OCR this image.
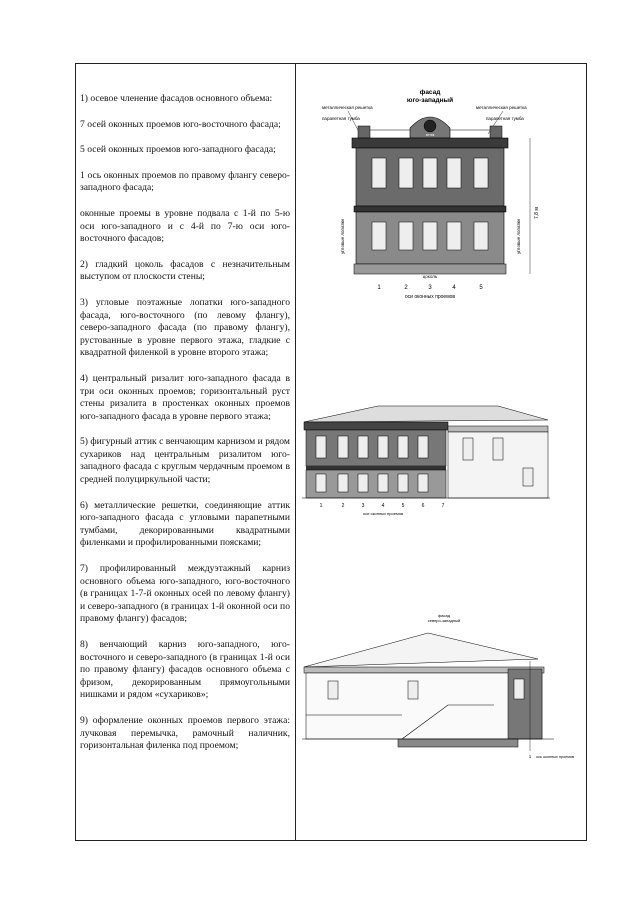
1) осевое членение фасадов основного объема:

7 осей оконных проемов юго-восточного фасада;

5 осей оконных проемов юго-западного фасада;

1 ось оконных проемов по правому флангу северо-западного фасада;

оконные проемы в уровне подвала с 1-й по 5-ю оси юго-западного и с 4-й по 7-ю оси юго-восточного фасадов;

2) гладкий цоколь фасадов с незначительным выступом от плоскости стены;

3) угловые поэтажные лопатки юго-западного фасада, юго-восточного (по левому флангу), северо-западного фасада (по правому флангу), рустованные в уровне первого этажа, гладкие с квадратной филенкой в уровне второго этажа;

4) центральный ризалит юго-западного фасада в три оси оконных проемов; горизонтальный руст стены ризалита в простенках оконных проемов юго-западного фасада в уровне первого этажа;

5) фигурный аттик с венчающим карнизом и рядом сухариков над центральным ризалитом юго-западного фасада с круглым чердачным проемом в средней полуциркульной части;

6) металлические решетки, соединяющие аттик юго-западного фасада с угловыми парапетными тумбами, декорированными квадратными филенками и профилированными поясками;

7) профилированный междуэтажный карниз основного объема юго-западного, юго-восточного (в границах 1-7-й оконных осей по левому флангу) и северо-западного (в границах 1-й оконной оси по правому флангу) фасадов;

8) венчающий карниз юго-западного, юго-восточного и северо-западного (в границах 1-й оси по правому флангу) фасадов основного объема с фризом, декорированным прямоугольными нишками и рядом «сухариков»;

9) оформление оконных проемов первого этажа: лучковая перемычка, рамочный наличник, горизонтальная филенка под проемом;

фасад
юго-западный
металлическая решетка	металлическая решетка
парапетная тумба	парапетная тумба
аттик
цоколь
угловые лопатки	угловые лопатки
7,8 м
1	2	3	4	5
оси оконных проемов
1	2	3	4	5	6	7
оси оконных проемов
фасад
северо-западный
1 ось оконных проемов
